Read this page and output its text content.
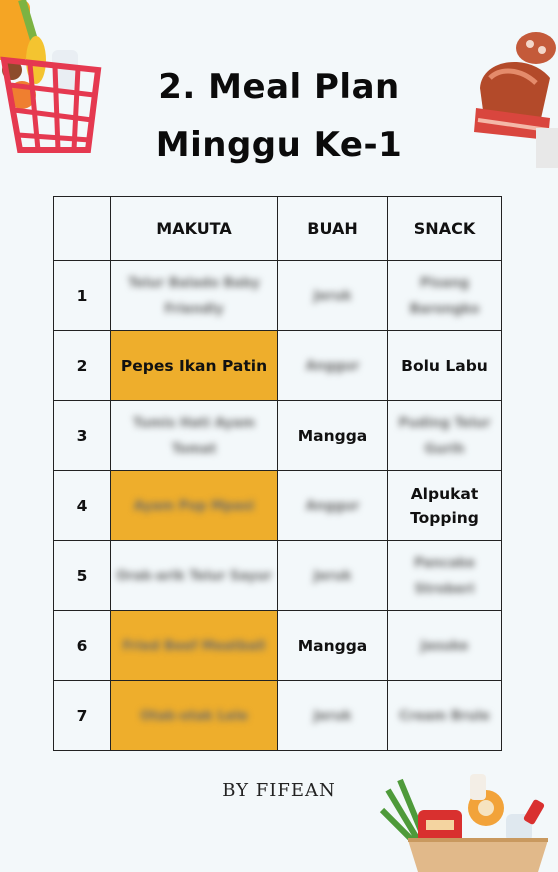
2. Meal Plan
Minggu Ke-1
	MAKUTA	BUAH	SNACK
1	Telur Balado Baby Friendly	Jeruk	Pisang Barongko
2	Pepes Ikan Patin	Anggur	Bolu Labu
3	Tumis Hati Ayam Tomat	Mangga	Puding Telur Gurih
4	Ayam Pop Mpasi	Anggur	Alpukat Topping
5	Orak-arik Telur Sayur	Jeruk	Pancake Stroberi
6	Fried Beef Meatball	Mangga	Jasuke
7	Otak-otak Lele	Jeruk	Cream Brule
BY FIFEAN
